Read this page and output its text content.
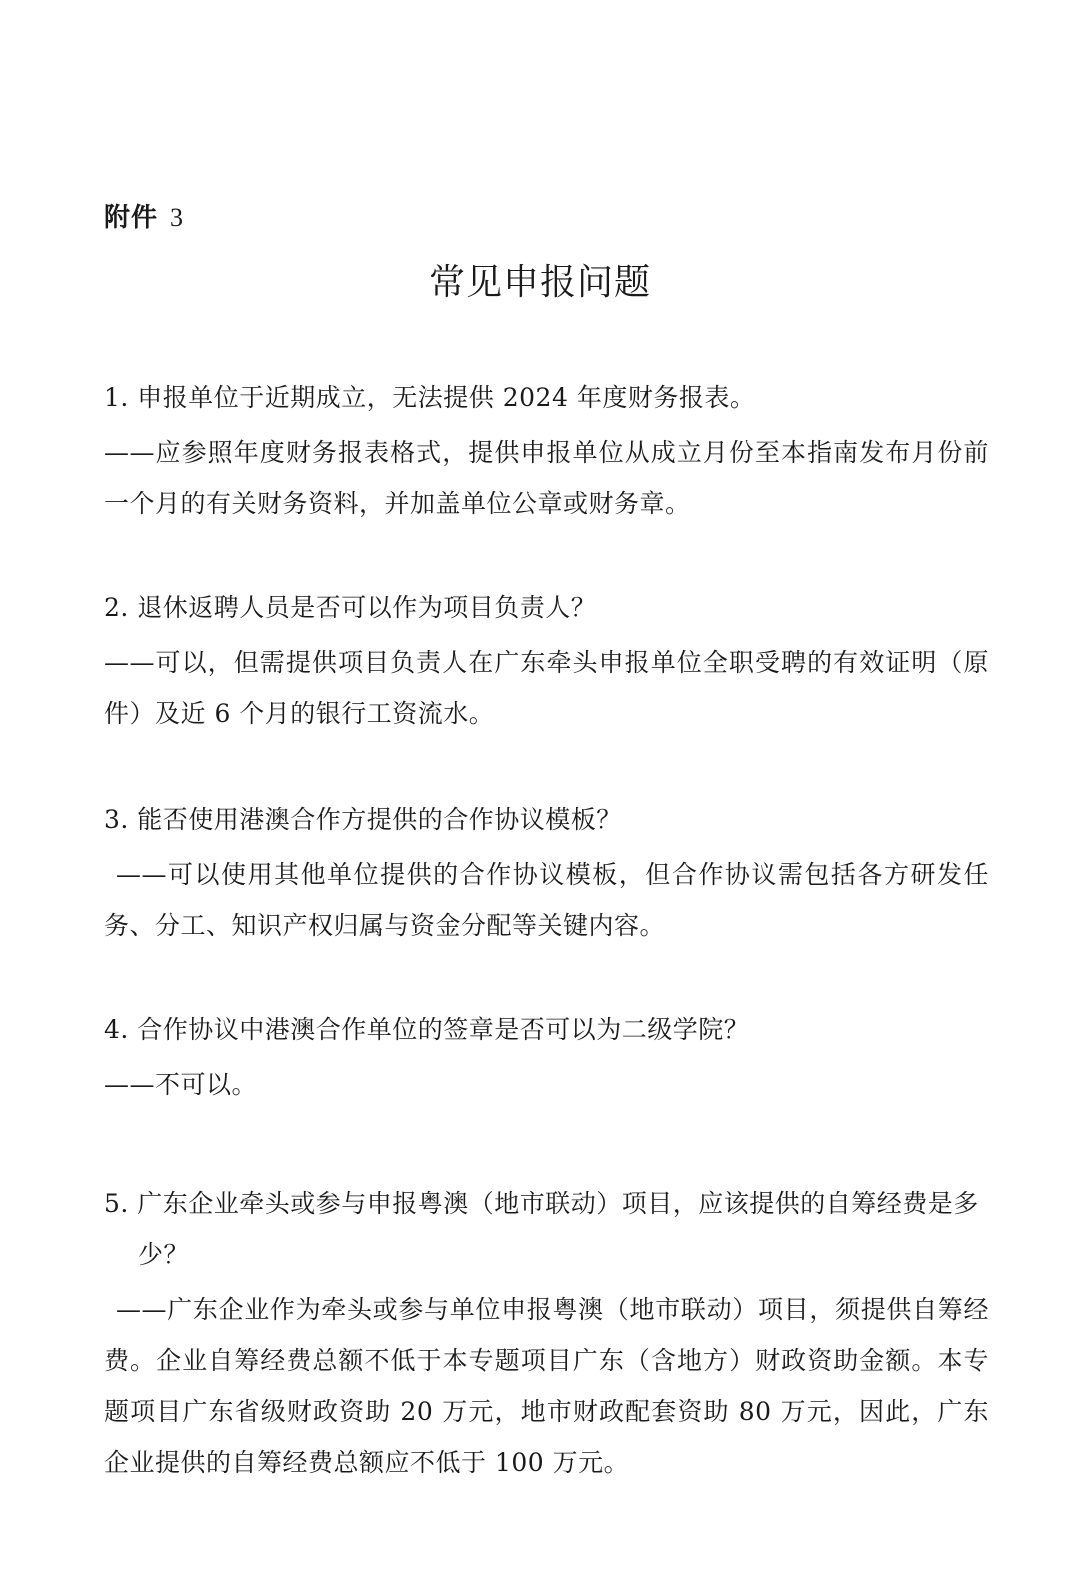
附件 3
常见申报问题
1. 申报单位于近期成立，无法提供 2024 年度财务报表。
——应参照年度财务报表格式，提供申报单位从成立月份至本指南发布月份前一个月的有关财务资料，并加盖单位公章或财务章。
2. 退休返聘人员是否可以作为项目负责人？
——可以，但需提供项目负责人在广东牵头申报单位全职受聘的有效证明（原件）及近 6 个月的银行工资流水。
3. 能否使用港澳合作方提供的合作协议模板？
——可以使用其他单位提供的合作协议模板，但合作协议需包括各方研发任务、分工、知识产权归属与资金分配等关键内容。
4. 合作协议中港澳合作单位的签章是否可以为二级学院？
——不可以。
5. 广东企业牵头或参与申报粤澳（地市联动）项目，应该提供的自筹经费是多少？
——广东企业作为牵头或参与单位申报粤澳（地市联动）项目，须提供自筹经费。企业自筹经费总额不低于本专题项目广东（含地方）财政资助金额。本专题项目广东省级财政资助 20 万元，地市财政配套资助 80 万元，因此，广东企业提供的自筹经费总额应不低于 100 万元。
